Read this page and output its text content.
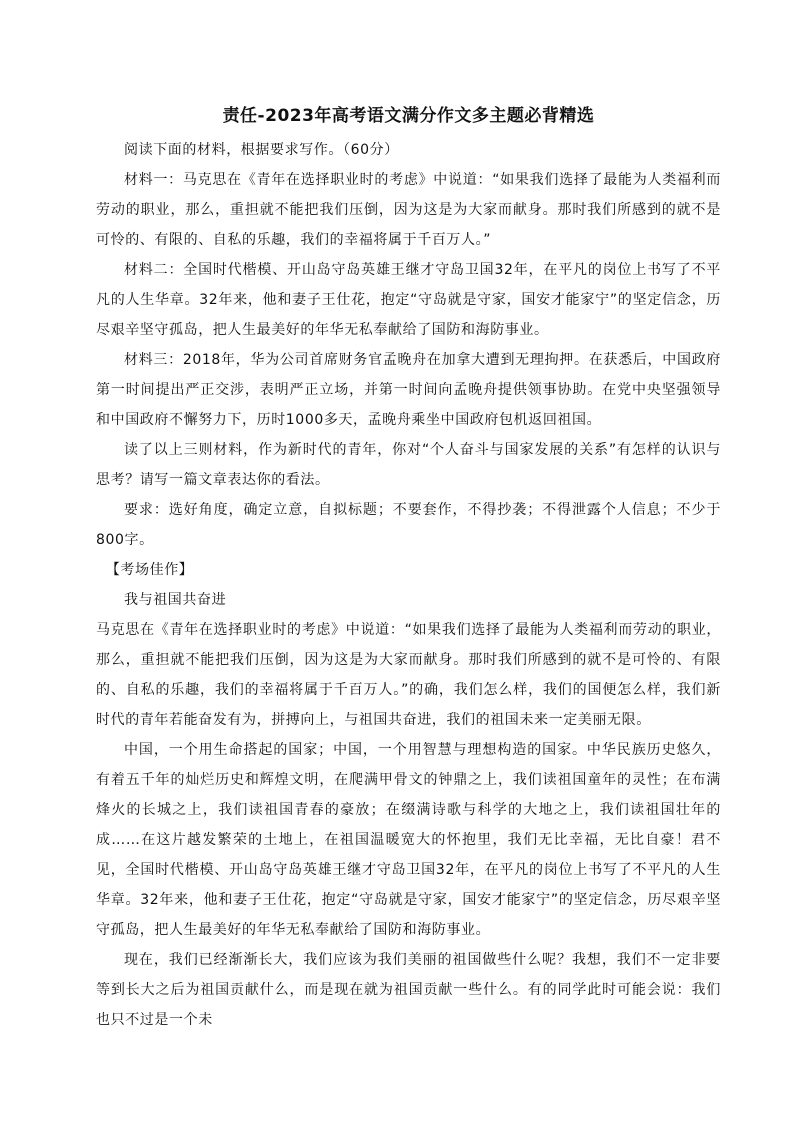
责任-2023年高考语文满分作文多主题必背精选

阅读下面的材料，根据要求写作。（60分）

材料一：马克思在《青年在选择职业时的考虑》中说道：“如果我们选择了最能为人类福利而劳动的职业，那么，重担就不能把我们压倒，因为这是为大家而献身。那时我们所感到的就不是可怜的、有限的、自私的乐趣，我们的幸福将属于千百万人。”

材料二：全国时代楷模、开山岛守岛英雄王继才守岛卫国32年，在平凡的岗位上书写了不平凡的人生华章。32年来，他和妻子王仕花，抱定“守岛就是守家，国安才能家宁”的坚定信念，历尽艰辛坚守孤岛，把人生最美好的年华无私奉献给了国防和海防事业。

材料三：2018年，华为公司首席财务官孟晚舟在加拿大遭到无理拘押。在获悉后，中国政府第一时间提出严正交涉，表明严正立场，并第一时间向孟晚舟提供领事协助。在党中央坚强领导和中国政府不懈努力下，历时1000多天，孟晚舟乘坐中国政府包机返回祖国。

读了以上三则材料，作为新时代的青年，你对“个人奋斗与国家发展的关系”有怎样的认识与思考？请写一篇文章表达你的看法。

要求：选好角度，确定立意，自拟标题；不要套作，不得抄袭；不得泄露个人信息；不少于800字。

【考场佳作】

我与祖国共奋进

马克思在《青年在选择职业时的考虑》中说道：“如果我们选择了最能为人类福利而劳动的职业，那么，重担就不能把我们压倒，因为这是为大家而献身。那时我们所感到的就不是可怜的、有限的、自私的乐趣，我们的幸福将属于千百万人。”的确，我们怎么样，我们的国便怎么样，我们新时代的青年若能奋发有为，拼搏向上，与祖国共奋进，我们的祖国未来一定美丽无限。

中国，一个用生命搭起的国家；中国，一个用智慧与理想构造的国家。中华民族历史悠久，有着五千年的灿烂历史和辉煌文明，在爬满甲骨文的钟鼎之上，我们读祖国童年的灵性；在布满烽火的长城之上，我们读祖国青春的豪放；在缀满诗歌与科学的大地之上，我们读祖国壮年的成……在这片越发繁荣的土地上，在祖国温暖宽大的怀抱里，我们无比幸福，无比自豪！君不见，全国时代楷模、开山岛守岛英雄王继才守岛卫国32年，在平凡的岗位上书写了不平凡的人生华章。32年来，他和妻子王仕花，抱定“守岛就是守家，国安才能家宁”的坚定信念，历尽艰辛坚守孤岛，把人生最美好的年华无私奉献给了国防和海防事业。

现在，我们已经渐渐长大，我们应该为我们美丽的祖国做些什么呢？我想，我们不一定非要等到长大之后为祖国贡献什么，而是现在就为祖国贡献一些什么。有的同学此时可能会说：我们也只不过是一个未
